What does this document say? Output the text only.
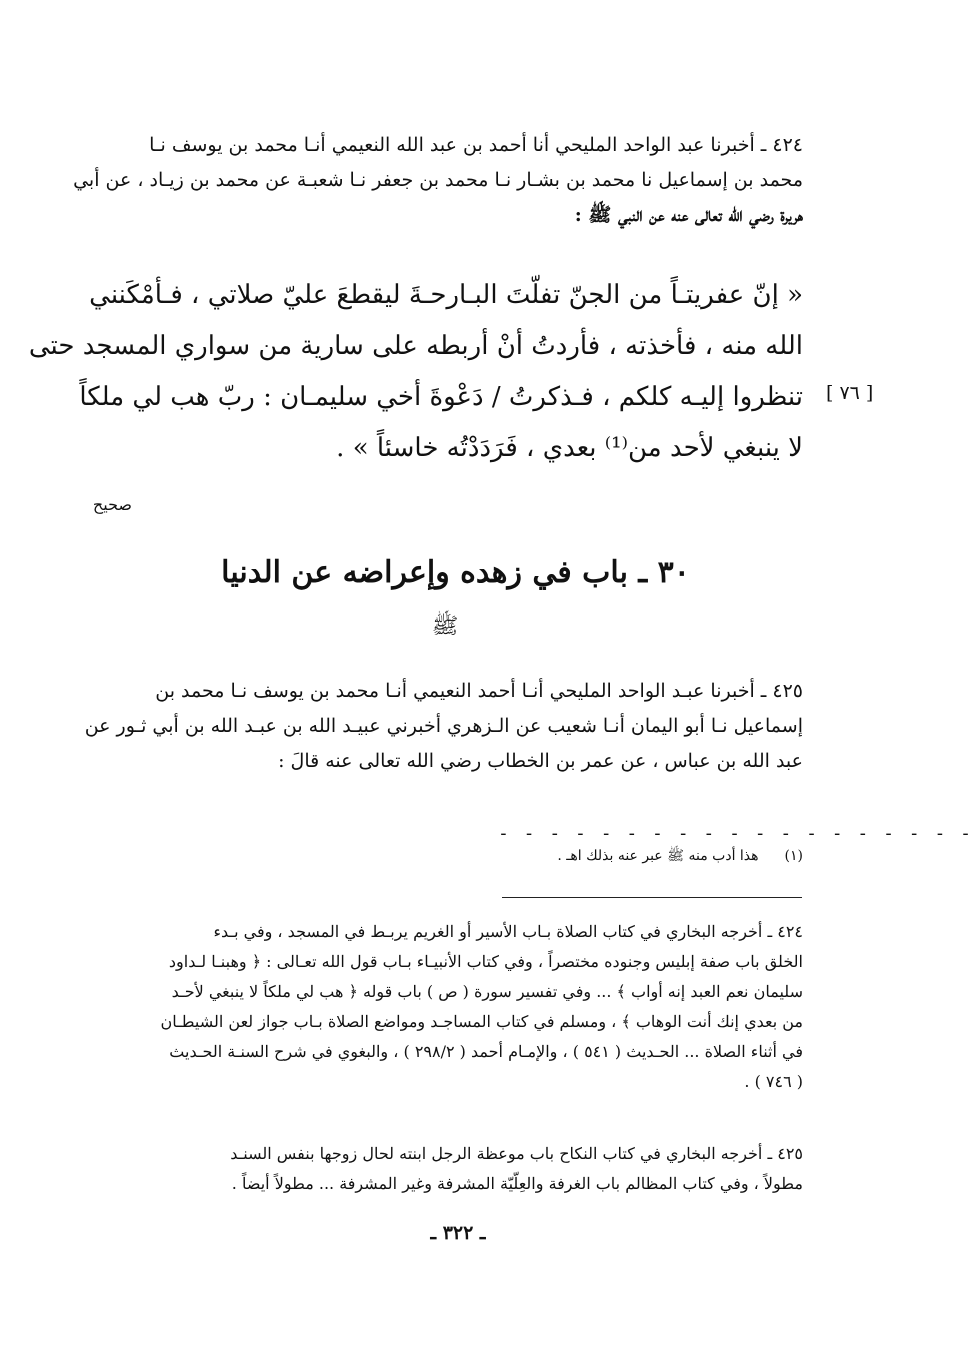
٤٢٤ ـ أخبرنا عبد الواحد المليحي أنا أحمد بن عبد الله النعيمي أنـا محمد بن يوسف نـا
محمد بن إسماعيل نا محمد بن بشـار نـا محمد بن جعفر نـا شعبـة عن محمد بن زيـاد ، عن أبي
هريرة رضي الله تعالى عنه عن النبي ﷺ :
« إنّ عفريتـاً من الجنّ تفلّتَ البـارحـةَ ليقطعَ عليّ صلاتي ، فـأمْكَنني
الله منه ، فأخذته ، فأردتُ أنْ أربطه على سارية من سواري المسجد حتى
تنظروا إليـه كلكم ، فـذكرتُ / دَعْوةَ أخي سليمـان : ربّ هب لي ملكاً
لا ينبغي لأحد من⁽¹⁾ بعدي ، فَرَدَدْتُه خاسئاً » .
[ ٧٦ ]
صحيح
٣٠ ـ باب في زهده وإعراضه عن الدنيا
ﷺ
٤٢٥ ـ أخبرنا عبـد الواحد المليحي أنـا أحمد النعيمي أنـا محمد بن يوسف نـا محمد بن
إسماعيل نـا أبو اليمان أنـا شعيب عن الـزهري أخبرني عبيـد الله بن عبـد الله بن أبي ثـور عن
عبد الله بن عباس ، عن عمر بن الخطاب رضي الله تعالى عنه قالَ :
- - - - - - - - - - - - - - - - - - -
(١) هذا أدب منه ﷺ عبر عنه بذلك اهـ .
٤٢٤ ـ أخرجه البخاري في كتاب الصلاة بـاب الأسير أو الغريم يربـط في المسجد ، وفي بـدء
الخلق باب صفة إبليس وجنوده مختصراً ، وفي كتاب الأنبيـاء بـاب قول الله تعـالى : ﴿ وهبنـا لـداود
سليمان نعم العبد إنه أواب ﴾ ... وفي تفسير سورة ( ص ) باب قوله ﴿ هب لي ملكاً لا ينبغي لأحـد
من بعدي إنك أنت الوهاب ﴾ ، ومسلم في كتاب المساجـد ومواضع الصلاة بـاب جواز لعن الشيطـان
في أثناء الصلاة ... الحـديث ( ٥٤١ ) ، والإمـام أحمد ( ٢٩٨/٢ ) ، والبغوي في شرح السنـة الحـديث
( ٧٤٦ ) .
٤٢٥ ـ أخرجه البخاري في كتاب النكاح باب موعظة الرجل ابنته لحال زوجها بنفس السنـد
مطولاً ، وفي كتاب المظالم باب الغرفة والعِلّيّة المشرفة وغير المشرفة ... مطولاً أيضاً .
ـ ٣٢٢ ـ
